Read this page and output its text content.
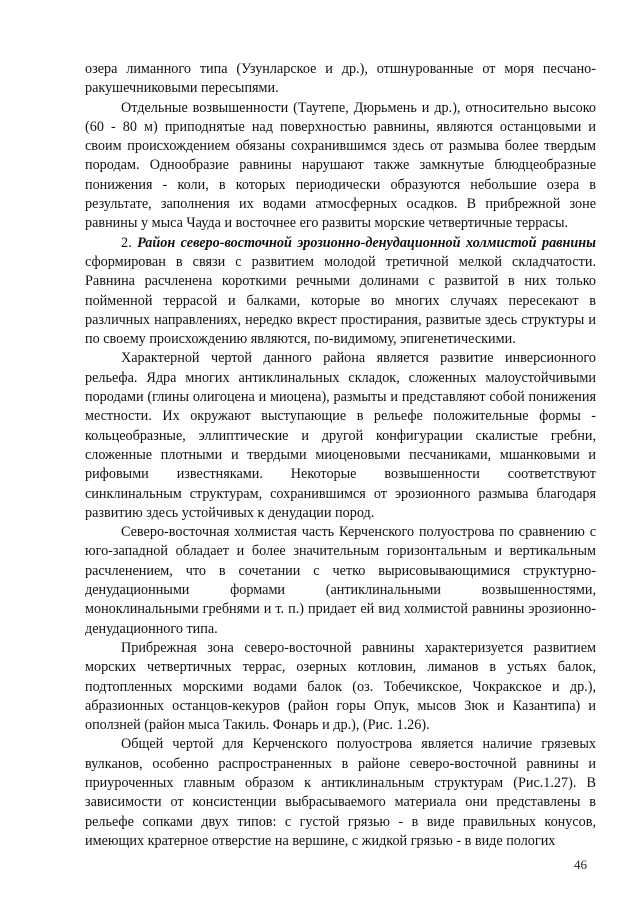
озера лиманного типа (Узунларское и др.), отшнурованные от моря песчано-ракушечниковыми пересыпями.

Отдельные возвышенности (Таутепе, Дюрьмень и др.), относительно высоко (60 - 80 м) приподнятые над поверхностью равнины, являются останцовыми и своим происхождением обязаны сохранившимся здесь от размыва более твердым породам. Однообразие равнины нарушают также замкнутые блюдцеобразные понижения - коли, в которых периодически образуются небольшие озера в результате, заполнения их водами атмосферных осадков. В прибрежной зоне равнины у мыса Чауда и восточнее его развиты морские четвертичные террасы.

2. Район северо-восточной эрозионно-денудационной холмистой равнины сформирован в связи с развитием молодой третичной мелкой складчатости. Равнина расчленена короткими речными долинами с развитой в них только пойменной террасой и балками, которые во многих случаях пересекают в различных направлениях, нередко вкрест простирания, развитые здесь структуры и по своему происхождению являются, по-видимому, эпигенетическими.

Характерной чертой данного района является развитие инверсионного рельефа. Ядра многих антиклинальных складок, сложенных малоустойчивыми породами (глины олигоцена и миоцена), размыты и представляют собой понижения местности. Их окружают выступающие в рельефе положительные формы - кольцеобразные, эллиптические и другой конфигурации скалистые гребни, сложенные плотными и твердыми миоценовыми песчаниками, мшанковыми и рифовыми известняками. Некоторые возвышенности соответствуют синклинальным структурам, сохранившимся от эрозионного размыва благодаря развитию здесь устойчивых к денудации пород.

Северо-восточная холмистая часть Керченского полуострова по сравнению с юго-западной обладает и более значительным горизонтальным и вертикальным расчленением, что в сочетании с четко вырисовывающимися структурно-денудационными формами (антиклинальными возвышенностями, моноклинальными гребнями и т. п.) придает ей вид холмистой равнины эрозионно-денудационного типа.

Прибрежная зона северо-восточной равнины характеризуется развитием морских четвертичных террас, озерных котловин, лиманов в устьях балок, подтопленных морскими водами балок (оз. Тобечикское, Чокракское и др.), абразионных останцов-кекуров (район горы Опук, мысов Зюк и Казантипа) и оползней (район мыса Такиль. Фонарь и др.), (Рис. 1.26).

Общей чертой для Керченского полуострова является наличие грязевых вулканов, особенно распространенных в районе северо-восточной равнины и приуроченных главным образом к антиклинальным структурам (Рис.1.27). В зависимости от консистенции выбрасываемого материала они представлены в рельефе сопками двух типов: с густой грязью - в виде правильных конусов, имеющих кратерное отверстие на вершине, с жидкой грязью - в виде пологих

46
